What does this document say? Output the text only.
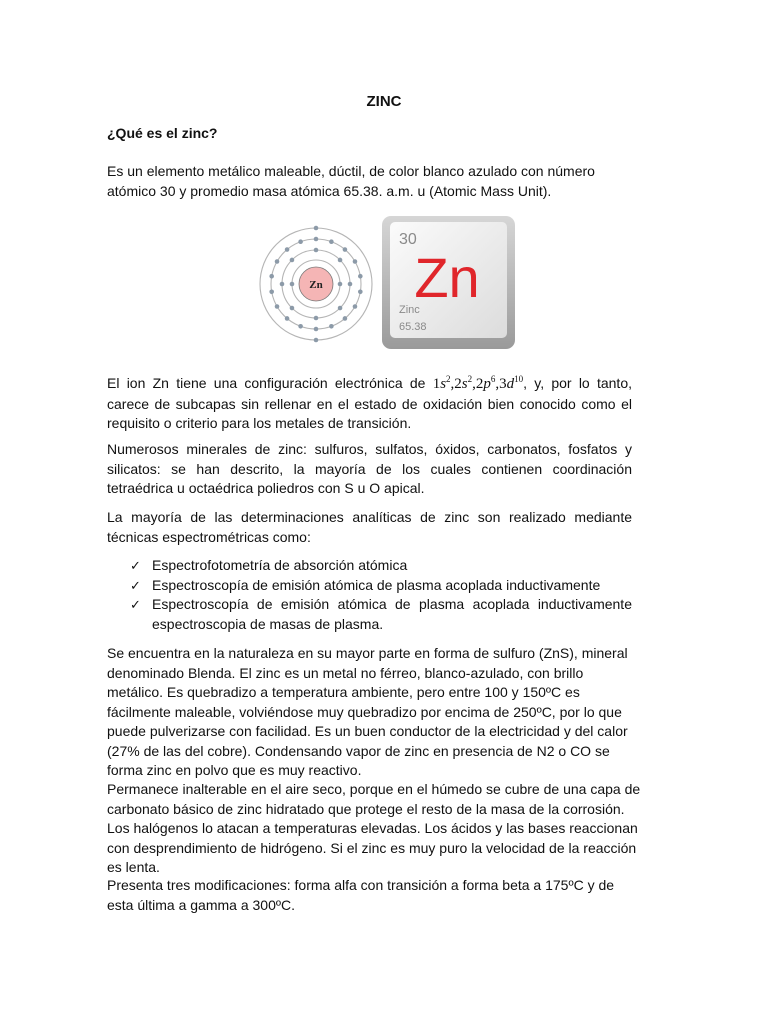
ZINC
¿Qué es el zinc?
Es un elemento metálico maleable, dúctil, de color blanco azulado con número atómico 30 y promedio masa atómica 65.38. a.m. u (Atomic Mass Unit).
Zn
30
Zn
Zinc
65.38
El ion Zn tiene una configuración electrónica de $1s^2,2s^2,2p^6,3d^{10}$, y, por lo tanto, carece de subcapas sin rellenar en el estado de oxidación bien conocido como el requisito o criterio para los metales de transición.
Numerosos minerales de zinc: sulfuros, sulfatos, óxidos, carbonatos, fosfatos y silicatos: se han descrito, la mayoría de los cuales contienen coordinación tetraédrica u octaédrica poliedros con S u O apical.
La mayoría de las determinaciones analíticas de zinc son realizado mediante técnicas espectrométricas como:
✓ Espectrofotometría de absorción atómica
✓ Espectroscopía de emisión atómica de plasma acoplada inductivamente
✓ Espectroscopía de emisión atómica de plasma acoplada inductivamente espectroscopia de masas de plasma.
Se encuentra en la naturaleza en su mayor parte en forma de sulfuro (ZnS), mineral denominado Blenda. El zinc es un metal no férreo, blanco-azulado, con brillo metálico. Es quebradizo a temperatura ambiente, pero entre 100 y 150ºC es fácilmente maleable, volviéndose muy quebradizo por encima de 250ºC, por lo que puede pulverizarse con facilidad. Es un buen conductor de la electricidad y del calor (27% de las del cobre). Condensando vapor de zinc en presencia de N2 o CO se forma zinc en polvo que es muy reactivo.
Permanece inalterable en el aire seco, porque en el húmedo se cubre de una capa de carbonato básico de zinc hidratado que protege el resto de la masa de la corrosión. Los halógenos lo atacan a temperaturas elevadas. Los ácidos y las bases reaccionan con desprendimiento de hidrógeno. Si el zinc es muy puro la velocidad de la reacción es lenta.
Presenta tres modificaciones: forma alfa con transición a forma beta a 175ºC y de esta última a gamma a 300ºC.
